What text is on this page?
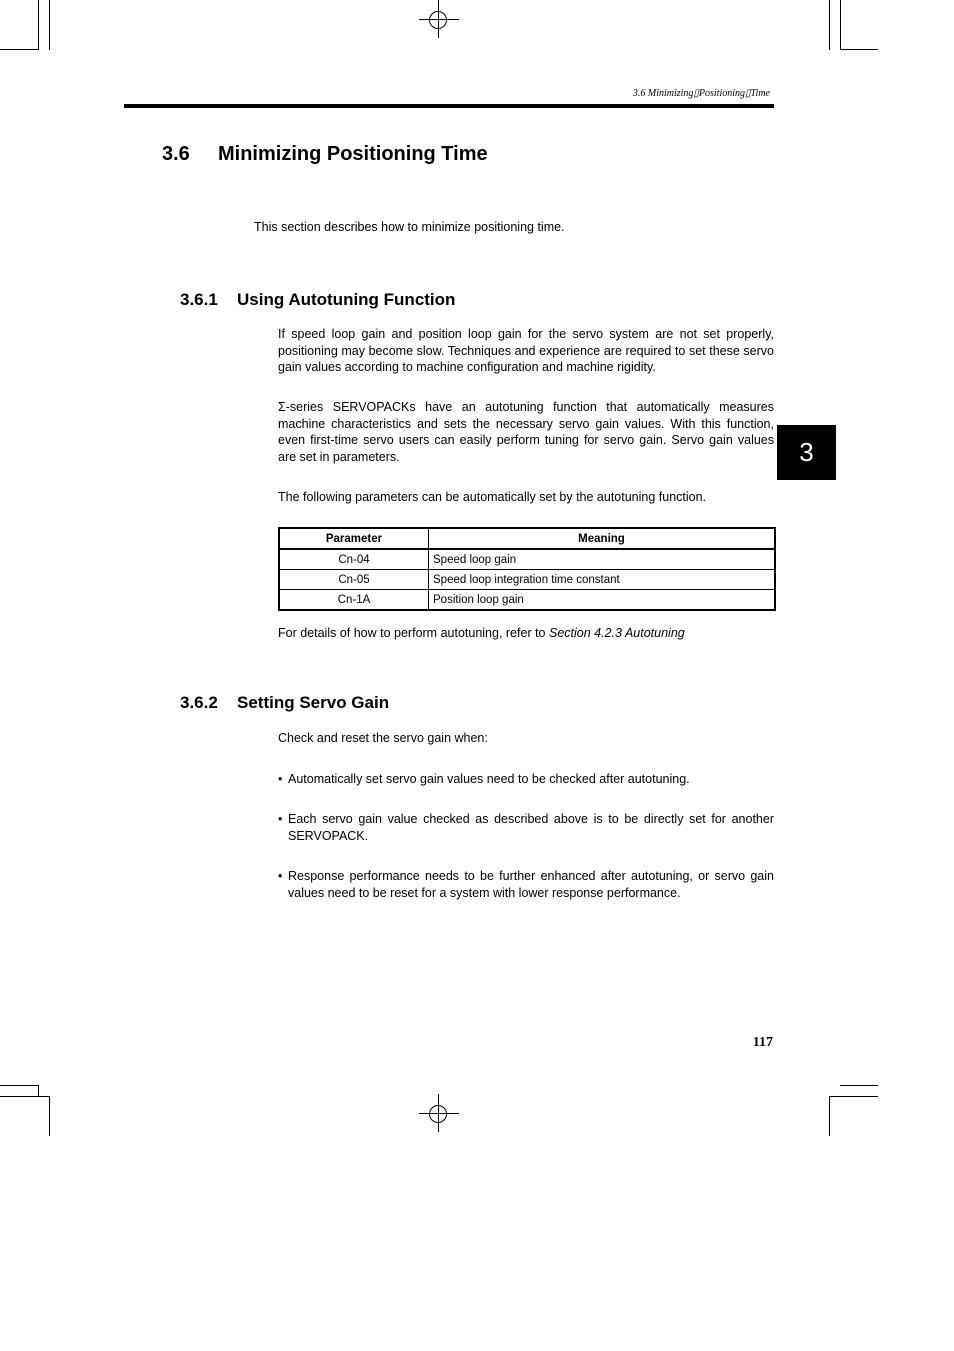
3.6 Minimizing▯Positioning▯Time
3.6 Minimizing Positioning Time
This section describes how to minimize positioning time.
3
3.6.1 Using Autotuning Function
If speed loop gain and position loop gain for the servo system are not set properly, positioning may become slow. Techniques and experience are required to set these servo gain values according to machine configuration and machine rigidity.
Σ-series SERVOPACKs have an autotuning function that automatically measures machine characteristics and sets the necessary servo gain values. With this function, even first-time servo users can easily perform tuning for servo gain. Servo gain values are set in parameters.
The following parameters can be automatically set by the autotuning function.
Parameter	Meaning
Cn-04	Speed loop gain
Cn-05	Speed loop integration time constant
Cn-1A	Position loop gain
For details of how to perform autotuning, refer to Section 4.2.3 Autotuning
3.6.2 Setting Servo Gain
Check and reset the servo gain when:
• Automatically set servo gain values need to be checked after autotuning.
• Each servo gain value checked as described above is to be directly set for another SERVOPACK.
• Response performance needs to be further enhanced after autotuning, or servo gain values need to be reset for a system with lower response performance.
117
